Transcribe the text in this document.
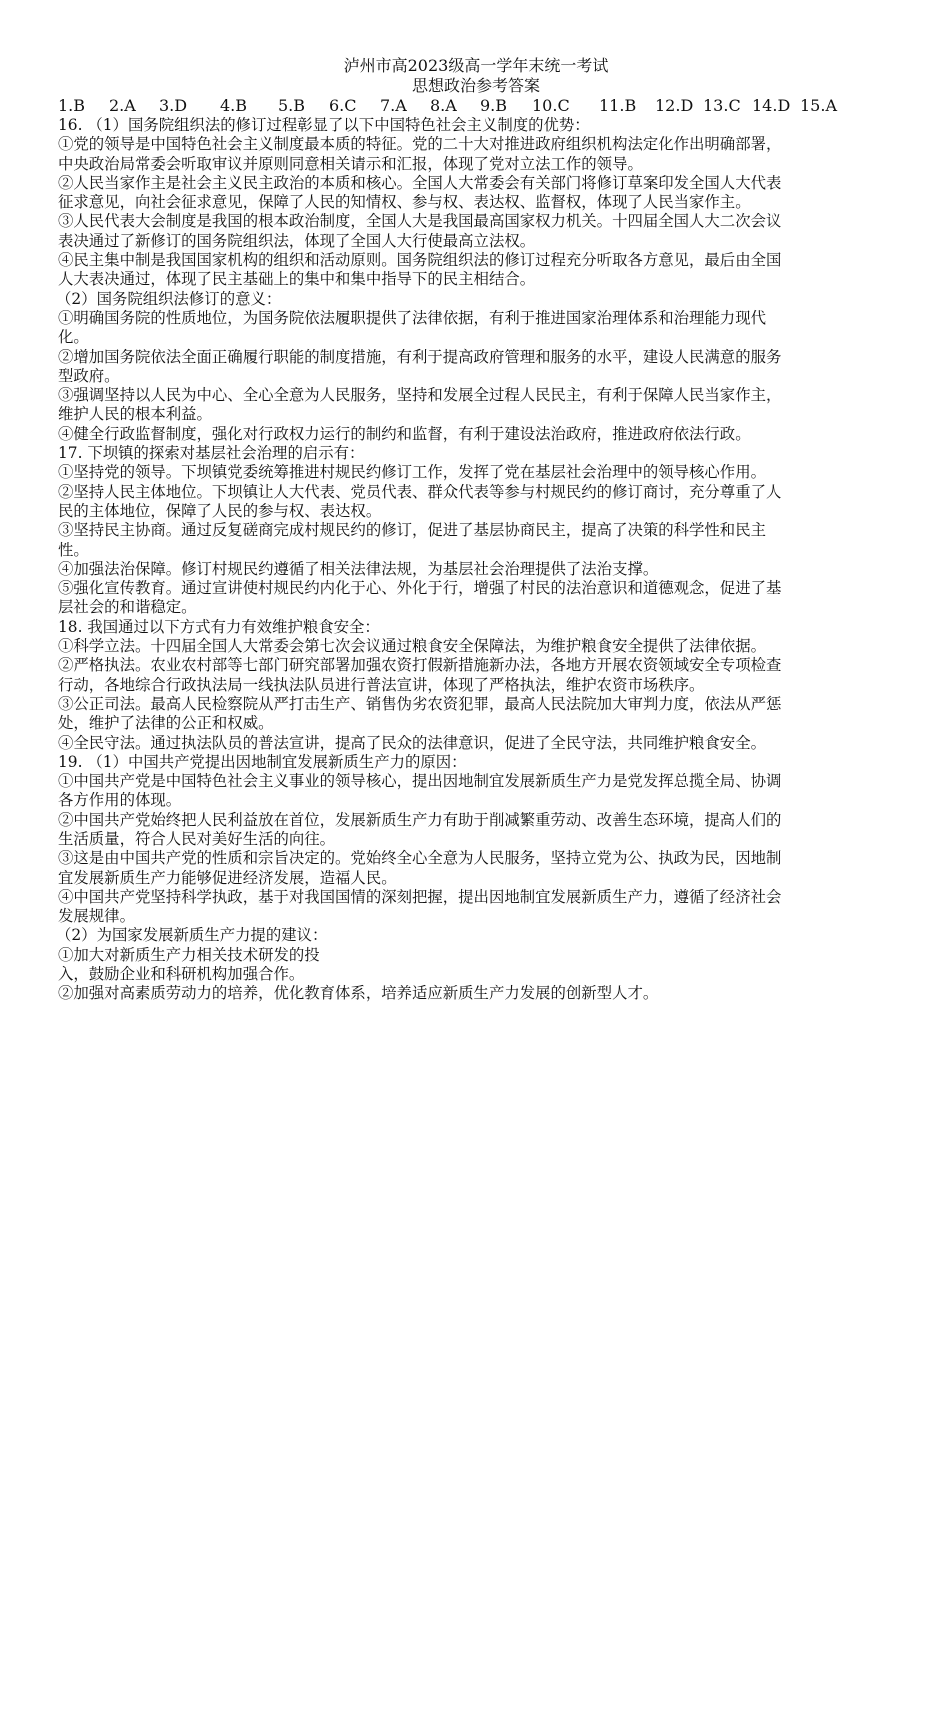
泸州市高2023级高一学年末统一考试

思想政治参考答案

1.B	2.A	3.D	4.B	5.B	6.C	7.A	8.A	9.B	10.C	11.B	12.D 13.C 14.D 15.A

16. （1）国务院组织法的修订过程彰显了以下中国特色社会主义制度的优势：

①党的领导是中国特色社会主义制度最本质的特征。党的二十大对推进政府组织机构法定化作出明确部署，

中央政治局常委会听取审议并原则同意相关请示和汇报，体现了党对立法工作的领导。

②人民当家作主是社会主义民主政治的本质和核心。全国人大常委会有关部门将修订草案印发全国人大代表

征求意见，向社会征求意见，保障了人民的知情权、参与权、表达权、监督权，体现了人民当家作主。

③人民代表大会制度是我国的根本政治制度，全国人大是我国最高国家权力机关。十四届全国人大二次会议

表决通过了新修订的国务院组织法，体现了全国人大行使最高立法权。

④民主集中制是我国国家机构的组织和活动原则。国务院组织法的修订过程充分听取各方意见，最后由全国

人大表决通过，体现了民主基础上的集中和集中指导下的民主相结合。

（2）国务院组织法修订的意义：

①明确国务院的性质地位，为国务院依法履职提供了法律依据，有利于推进国家治理体系和治理能力现代

化。

②增加国务院依法全面正确履行职能的制度措施，有利于提高政府管理和服务的水平，建设人民满意的服务

型政府。

③强调坚持以人民为中心、全心全意为人民服务，坚持和发展全过程人民民主，有利于保障人民当家作主，

维护人民的根本利益。

④健全行政监督制度，强化对行政权力运行的制约和监督，有利于建设法治政府，推进政府依法行政。

17. 下坝镇的探索对基层社会治理的启示有：

①坚持党的领导。下坝镇党委统筹推进村规民约修订工作，发挥了党在基层社会治理中的领导核心作用。

②坚持人民主体地位。下坝镇让人大代表、党员代表、群众代表等参与村规民约的修订商讨，充分尊重了人

民的主体地位，保障了人民的参与权、表达权。

③坚持民主协商。通过反复磋商完成村规民约的修订，促进了基层协商民主，提高了决策的科学性和民主

性。

④加强法治保障。修订村规民约遵循了相关法律法规，为基层社会治理提供了法治支撑。

⑤强化宣传教育。通过宣讲使村规民约内化于心、外化于行，增强了村民的法治意识和道德观念，促进了基

层社会的和谐稳定。

18. 我国通过以下方式有力有效维护粮食安全：

①科学立法。十四届全国人大常委会第七次会议通过粮食安全保障法，为维护粮食安全提供了法律依据。

②严格执法。农业农村部等七部门研究部署加强农资打假新措施新办法，各地方开展农资领域安全专项检查

行动，各地综合行政执法局一线执法队员进行普法宣讲，体现了严格执法，维护农资市场秩序。

③公正司法。最高人民检察院从严打击生产、销售伪劣农资犯罪，最高人民法院加大审判力度，依法从严惩

处，维护了法律的公正和权威。

④全民守法。通过执法队员的普法宣讲，提高了民众的法律意识，促进了全民守法，共同维护粮食安全。

19. （1）中国共产党提出因地制宜发展新质生产力的原因：

①中国共产党是中国特色社会主义事业的领导核心，提出因地制宜发展新质生产力是党发挥总揽全局、协调

各方作用的体现。

②中国共产党始终把人民利益放在首位，发展新质生产力有助于削减繁重劳动、改善生态环境，提高人们的

生活质量，符合人民对美好生活的向往。

③这是由中国共产党的性质和宗旨决定的。党始终全心全意为人民服务，坚持立党为公、执政为民，因地制

宜发展新质生产力能够促进经济发展，造福人民。

④中国共产党坚持科学执政，基于对我国国情的深刻把握，提出因地制宜发展新质生产力，遵循了经济社会

发展规律。

（2）为国家发展新质生产力提的建议：

①加大对新质生产力相关技术研发的投

入，鼓励企业和科研机构加强合作。

②加强对高素质劳动力的培养，优化教育体系，培养适应新质生产力发展的创新型人才。
